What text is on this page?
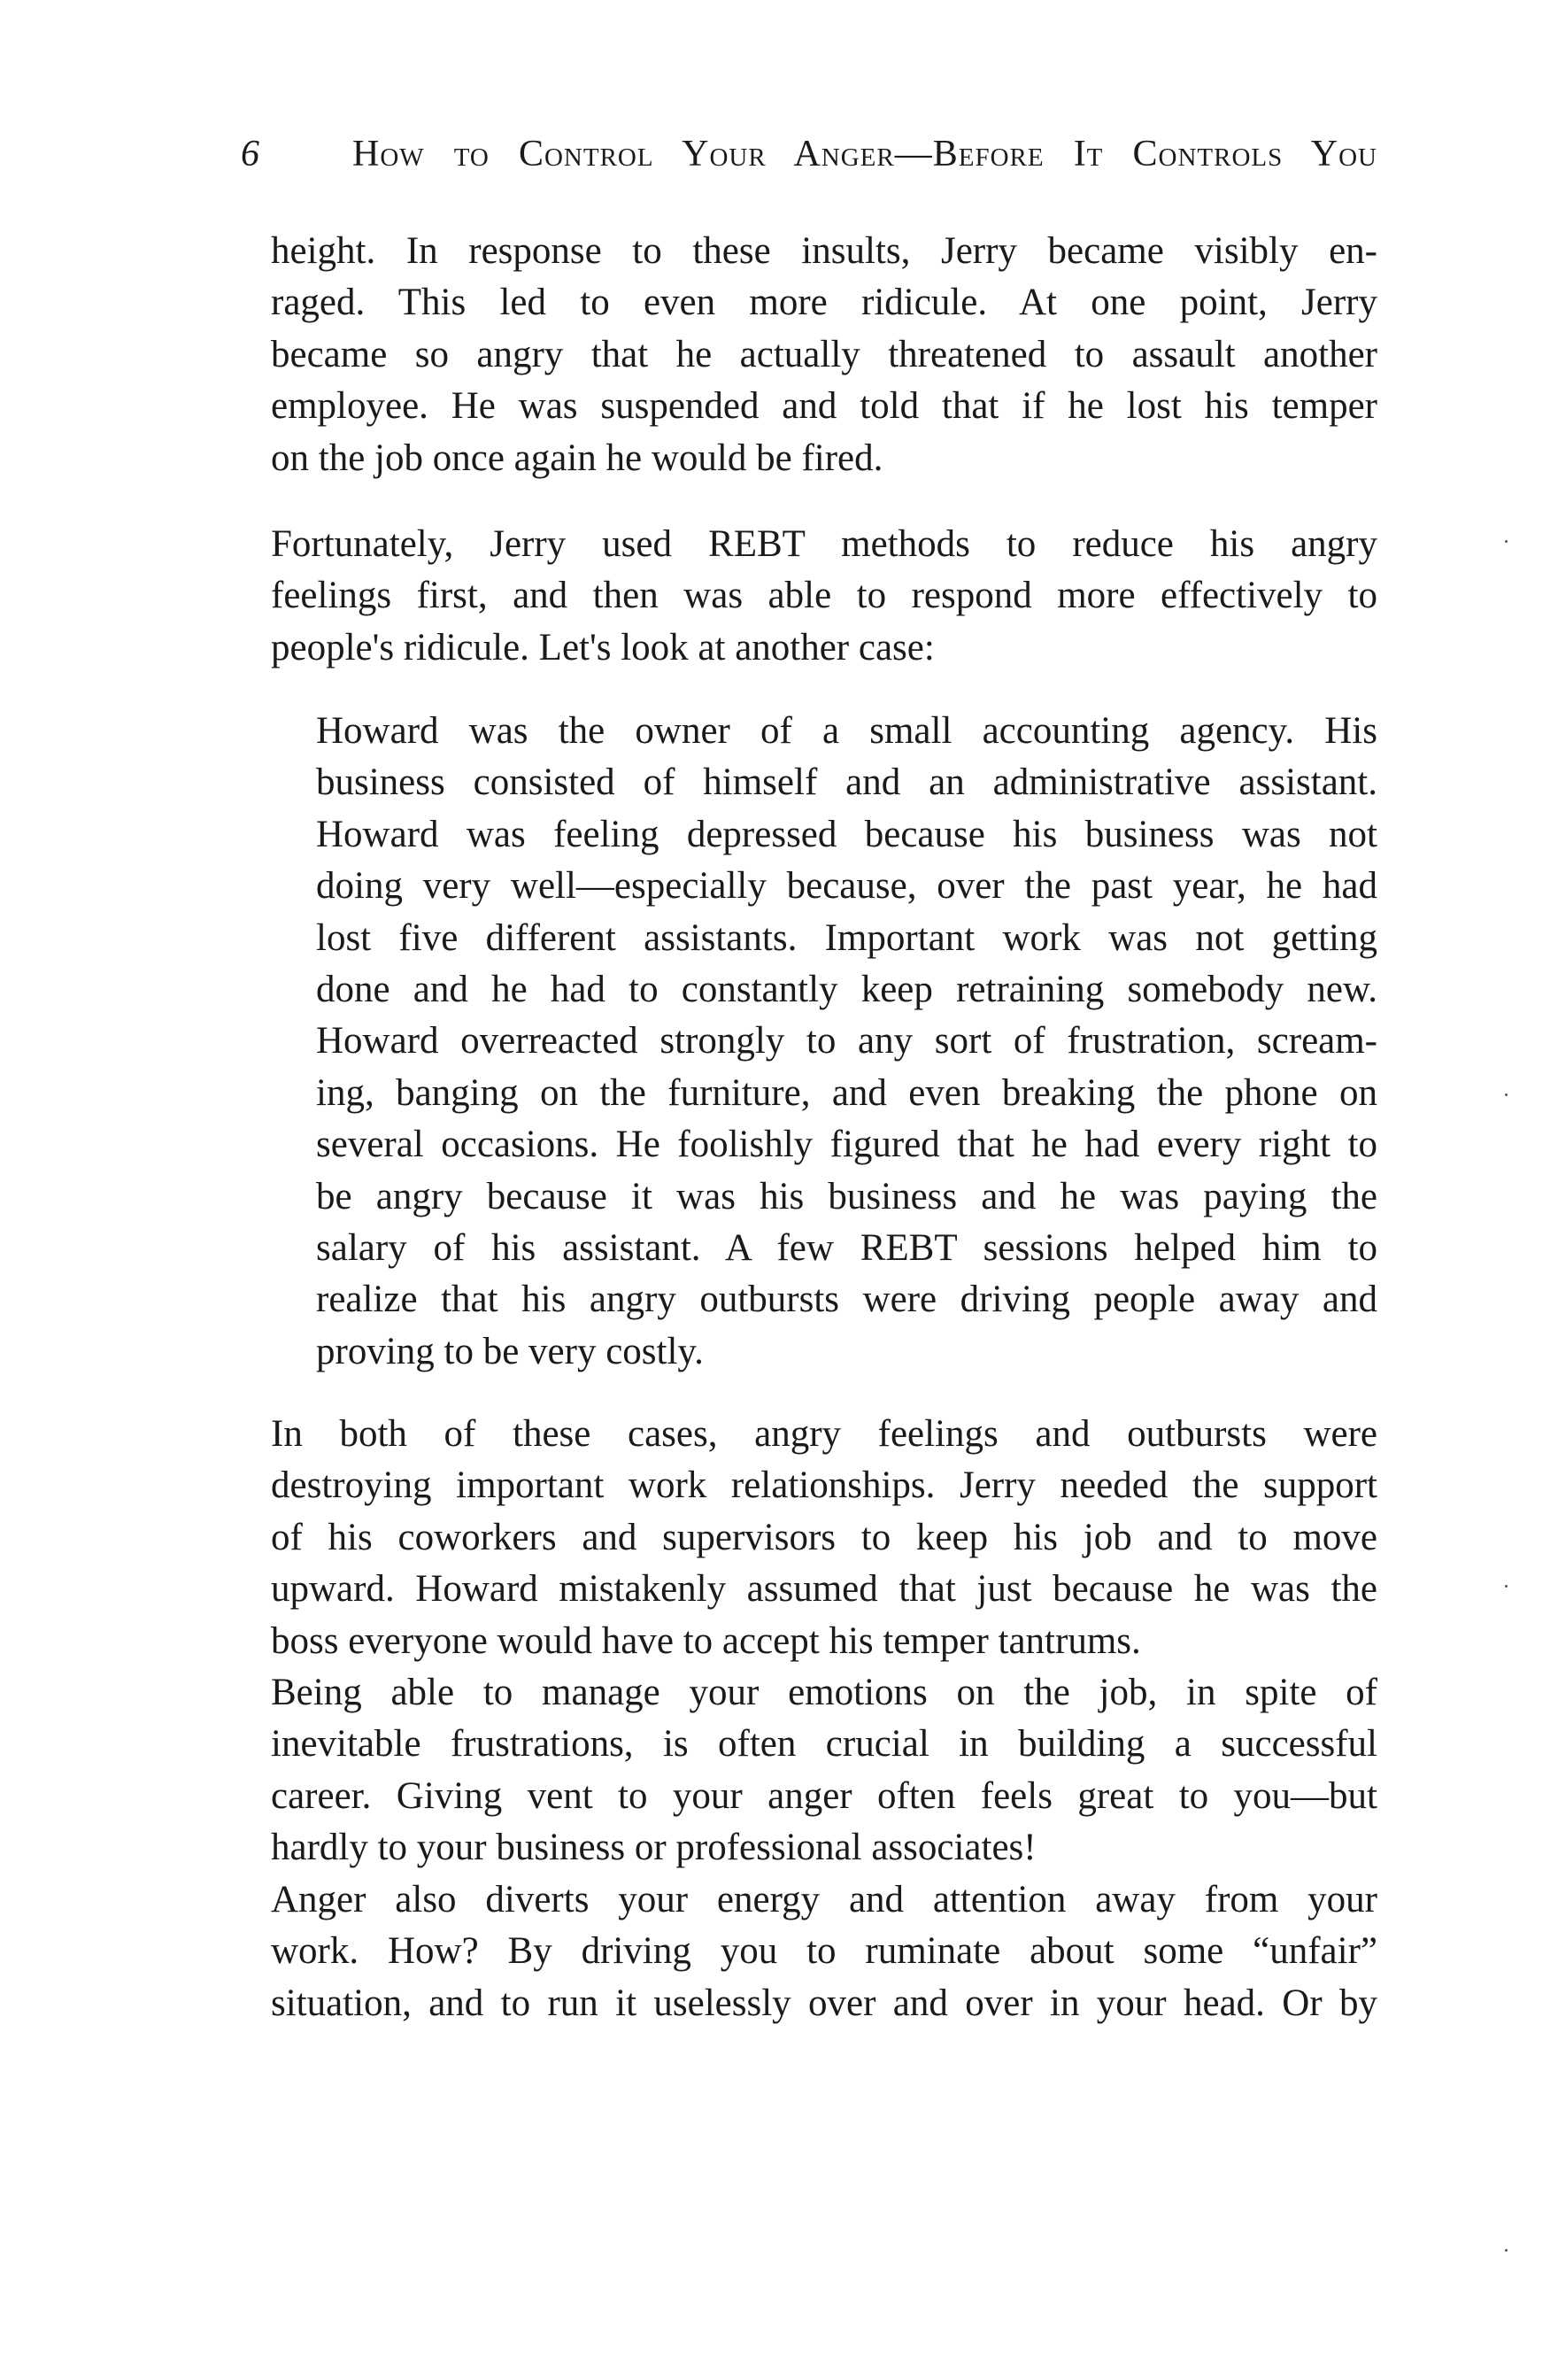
6	How to Control Your Anger—Before It Controls You
height. In response to these insults, Jerry became visibly en-
raged. This led to even more ridicule. At one point, Jerry
became so angry that he actually threatened to assault another
employee. He was suspended and told that if he lost his temper
on the job once again he would be fired.
Fortunately, Jerry used REBT methods to reduce his angry
feelings first, and then was able to respond more effectively to
people's ridicule. Let's look at another case:
Howard was the owner of a small accounting agency. His
business consisted of himself and an administrative assistant.
Howard was feeling depressed because his business was not
doing very well—especially because, over the past year, he had
lost five different assistants. Important work was not getting
done and he had to constantly keep retraining somebody new.
Howard overreacted strongly to any sort of frustration, scream-
ing, banging on the furniture, and even breaking the phone on
several occasions. He foolishly figured that he had every right to
be angry because it was his business and he was paying the
salary of his assistant. A few REBT sessions helped him to
realize that his angry outbursts were driving people away and
proving to be very costly.
In both of these cases, angry feelings and outbursts were
destroying important work relationships. Jerry needed the support
of his coworkers and supervisors to keep his job and to move
upward. Howard mistakenly assumed that just because he was the
boss everyone would have to accept his temper tantrums.
Being able to manage your emotions on the job, in spite of
inevitable frustrations, is often crucial in building a successful
career. Giving vent to your anger often feels great to you—but
hardly to your business or professional associates!
Anger also diverts your energy and attention away from your
work. How? By driving you to ruminate about some “unfair”
situation, and to run it uselessly over and over in your head. Or by
